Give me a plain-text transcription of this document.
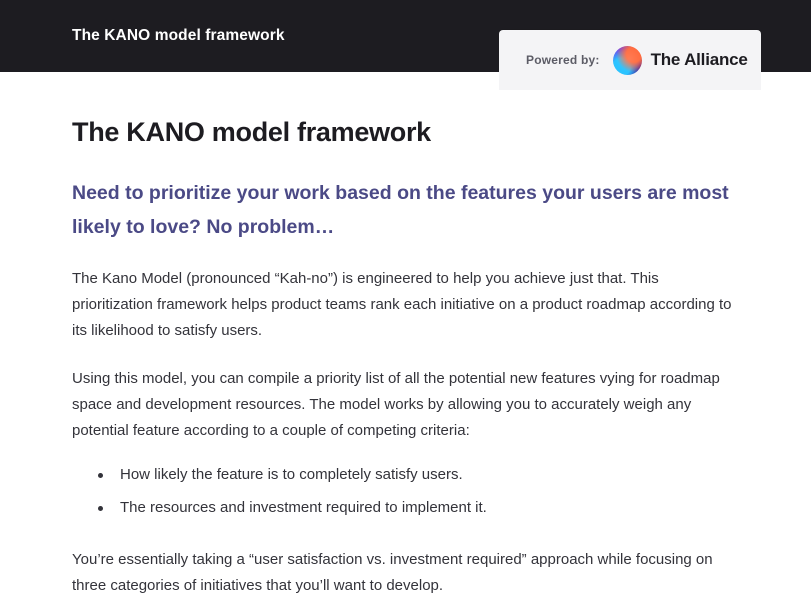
The KANO model framework
Powered by:	The Alliance
The KANO model framework

Need to prioritize your work based on the features your users are most likely to love? No problem…

The Kano Model (pronounced “Kah-no”) is engineered to help you achieve just that. This prioritization framework helps product teams rank each initiative on a product roadmap according to its likelihood to satisfy users.

Using this model, you can compile a priority list of all the potential new features vying for roadmap space and development resources. The model works by allowing you to accurately weigh any potential feature according to a couple of competing criteria:

How likely the feature is to completely satisfy users.
The resources and investment required to implement it.

You’re essentially taking a “user satisfaction vs. investment required” approach while focusing on three categories of initiatives that you’ll want to develop.
